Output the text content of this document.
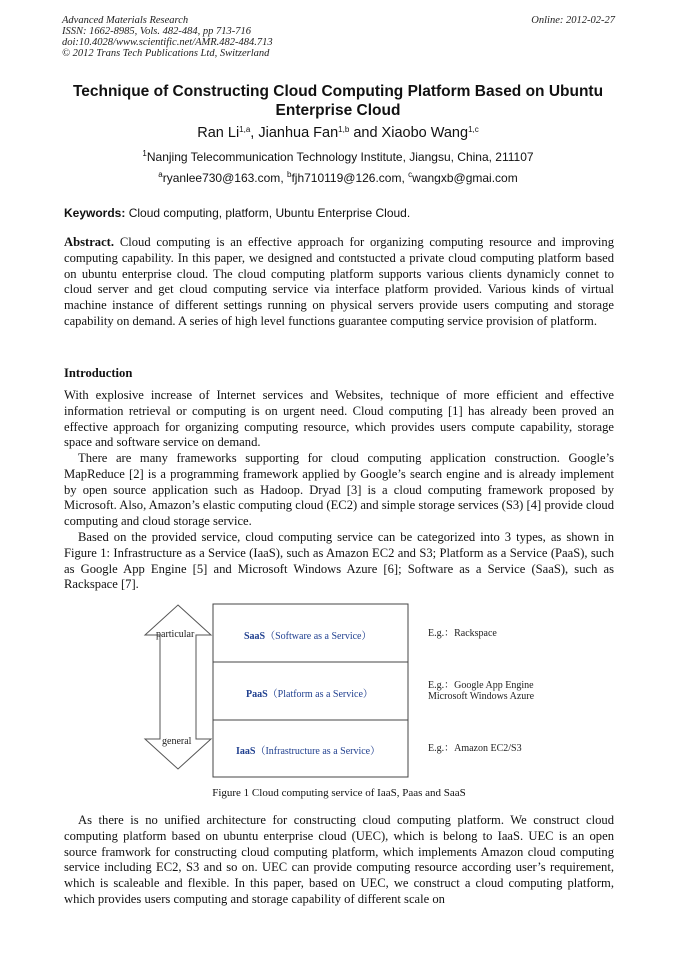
Advanced Materials Research
ISSN: 1662-8985, Vols. 482-484, pp 713-716
doi:10.4028/www.scientific.net/AMR.482-484.713
© 2012 Trans Tech Publications Ltd, Switzerland
Online: 2012-02-27
Technique of Constructing Cloud Computing Platform Based on Ubuntu Enterprise Cloud
Ran Li$^{1,a}$, Jianhua Fan$^{1,b}$ and Xiaobo Wang$^{1,c}$
$^1$Nanjing Telecommunication Technology Institute, Jiangsu, China, 211107
$^a$ryanlee730@163.com, $^b$fjh710119@126.com, $^c$wangxb@gmai.com
Keywords: Cloud computing, platform, Ubuntu Enterprise Cloud.
Abstract. Cloud computing is an effective approach for organizing computing resource and improving computing capability. In this paper, we designed and contstucted a private cloud computing platform based on ubuntu enterprise cloud. The cloud computing platform supports various clients dynamicly connet to cloud server and get cloud computing service via interface platform provided. Various kinds of virtual machine instance of different settings running on physical servers provide users computing and storage capability on demand. A series of high level functions guarantee computing service provision of platform.
Introduction
With explosive increase of Internet services and Websites, technique of more efficient and effective information retrieval or computing is on urgent need. Cloud computing [1] has already been proved an effective approach for organizing computing resource, which provides users compute capability, storage space and software service on demand.
There are many frameworks supporting for cloud computing application construction. Google’s MapReduce [2] is a programming framework applied by Google’s search engine and is already implement by open source application such as Hadoop. Dryad [3] is a cloud computing framework proposed by Microsoft. Also, Amazon’s elastic computing cloud (EC2) and simple storage services (S3) [4] provide cloud computing and cloud storage service.
Based on the provided service, cloud computing service can be categorized into 3 types, as shown in Figure 1: Infrastructure as a Service (IaaS), such as Amazon EC2 and S3; Platform as a Service (PaaS), such as Google App Engine [5] and Microsoft Windows Azure [6]; Software as a Service (SaaS), such as Rackspace [7].
particular
general
SaaS（Software as a Service）
PaaS（Platform as a Service）
IaaS（Infrastructure as a Service）
E.g.：Rackspace
E.g.：Google App Engine
Microsoft Windows Azure
E.g.：Amazon EC2/S3
Figure 1 Cloud computing service of IaaS, Paas and SaaS
As there is no unified architecture for constructing cloud computing platform. We construct cloud computing platform based on ubuntu enterprise cloud (UEC), which is belong to IaaS. UEC is an open source framwork for constructing cloud computing platform, which implements Amazon cloud computing service including EC2, S3 and so on. UEC can provide computing resource according user’s requirement, which is scaleable and flexible. In this paper, based on UEC, we construct a cloud computing platform, which provides users computing and storage capability of different scale on
